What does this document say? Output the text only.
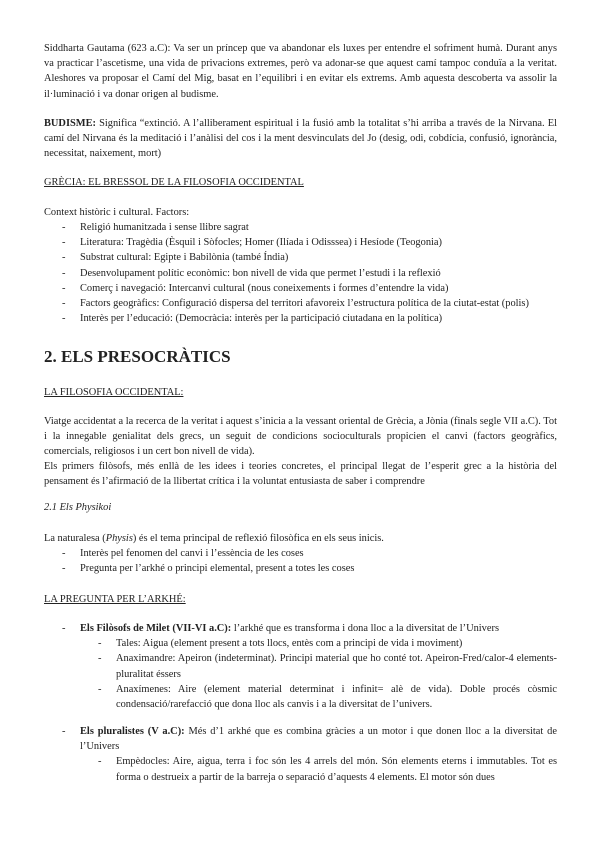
Siddharta Gautama (623 a.C): Va ser un príncep que va abandonar els luxes per entendre el sofriment humà. Durant anys va practicar l’ascetisme, una vida de privacions extremes, però va adonar-se que aquest camí tampoc conduïa a la veritat. Aleshores va proposar el Camí del Mig, basat en l’equilibri i en evitar els extrems. Amb aquesta descoberta va assolir la il·luminació i va donar origen al budisme.

BUDISME: Significa “extinció. A l’alliberament espiritual i la fusió amb la totalitat s’hi arriba a través de la Nirvana. El camí del Nirvana és la meditació i l’anàlisi del cos i la ment desvinculats del Jo (desig, odi, cobdícia, confusió, ignorància, necessitat, naixement, mort)

GRÈCIA: EL BRESSOL DE LA FILOSOFIA OCCIDENTAL
Context històric i cultural. Factors:
- Religió humanitzada i sense llibre sagrat
- Literatura: Tragèdia (Èsquil i Sòfocles; Homer (Ilíada i Odisssea) i Hesíode (Teogonia)
- Substrat cultural: Egipte i Babilònia (també Índia)
- Desenvolupament polític econòmic: bon nivell de vida que permet l’estudi i la reflexió
- Comerç i navegació: Intercanvi cultural (nous coneixements i formes d’entendre la vida)
- Factors geogràfics: Configuració dispersa del territori afavoreix l’estructura política de la ciutat-estat (polis)
- Interès per l’educació: (Democràcia: interès per la participació ciutadana en la política)
2. ELS PRESOCRÀTICS
LA FILOSOFIA OCCIDENTAL:

Viatge accidentat a la recerca de la veritat i aquest s’inicia a la vessant oriental de Grècia, a Jònia (finals segle VII a.C). Tot i la innegable genialitat dels grecs, un seguit de condicions socioculturals propicien el canvi (factors geogràfics, comercials, religiosos i un cert bon nivell de vida).

Els primers filòsofs, més enllà de les idees i teories concretes, el principal llegat de l’esperit grec a la història del pensament és l’afirmació de la llibertat crítica i la voluntat entusiasta de saber i comprendre

2.1 Els Physikoi
La naturalesa (Physis) és el tema principal de reflexió filosòfica en els seus inicis.
- Interès pel fenomen del canvi i l’essència de les coses
- Pregunta per l’arkhé o principi elemental, present a totes les coses
LA PREGUNTA PER L’ARKHÉ:
- Els Filòsofs de Milet (VII-VI a.C): l’arkhé que es transforma i dona lloc a la diversitat de l’Univers
- Tales: Aigua (element present a tots llocs, entès com a principi de vida i moviment)
- Anaximandre: Apeiron (indeterminat). Principi material que ho conté tot. Apeiron-Fred/calor-4 elements-pluralitat éssers
- Anaxímenes: Aire (element material determinat i infinit= alè de vida). Doble procés còsmic condensació/rarefacció que dona lloc als canvis i a la diversitat de l’univers.
- Els pluralistes (V a.C): Més d’1 arkhé que es combina gràcies a un motor i que donen lloc a la diversitat de l’Univers
- Empèdocles: Aire, aigua, terra i foc són les 4 arrels del món. Són elements eterns i immutables. Tot es forma o destrueix a partir de la barreja o separació d’aquests 4 elements. El motor són dues
